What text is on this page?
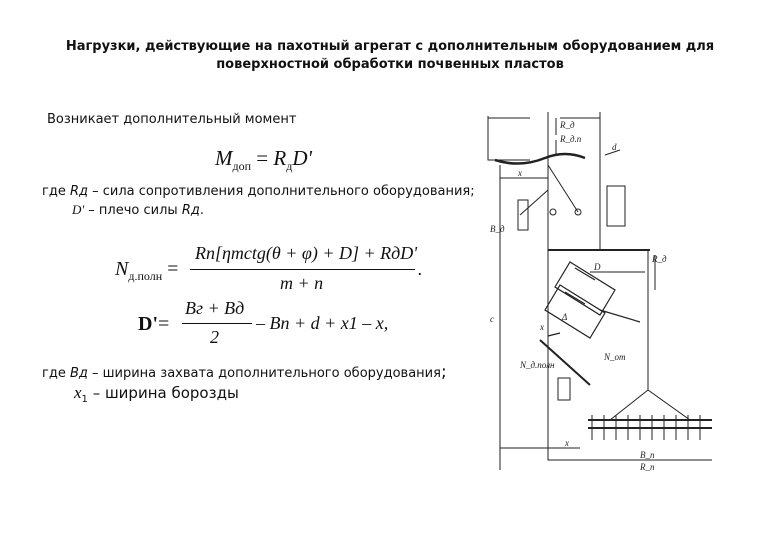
Нагрузки, действующие на пахотный агрегат с дополнительным оборудованием для
поверхностной обработки почвенных пластов
Возникает дополнительный момент
$M_{доп} = R_дD'$
где Rд – сила сопротивления дополнительного оборудования;
D' – плечо силы Rд.
$N_{д.полн}$ =
Rп[ηmctg(θ + φ) + D] + RдD'
m + n
.
D'=
Bг + Bд
2
– Bп + d + x1 – x,
где Вд – ширина захвата дополнительного оборудования;
$x_1$ – ширина борозды
R_д
R_д.п
d
x
В_д
c
R_д
D
Δ
N_от
N_д.полн
R_п
x
В_п
x
